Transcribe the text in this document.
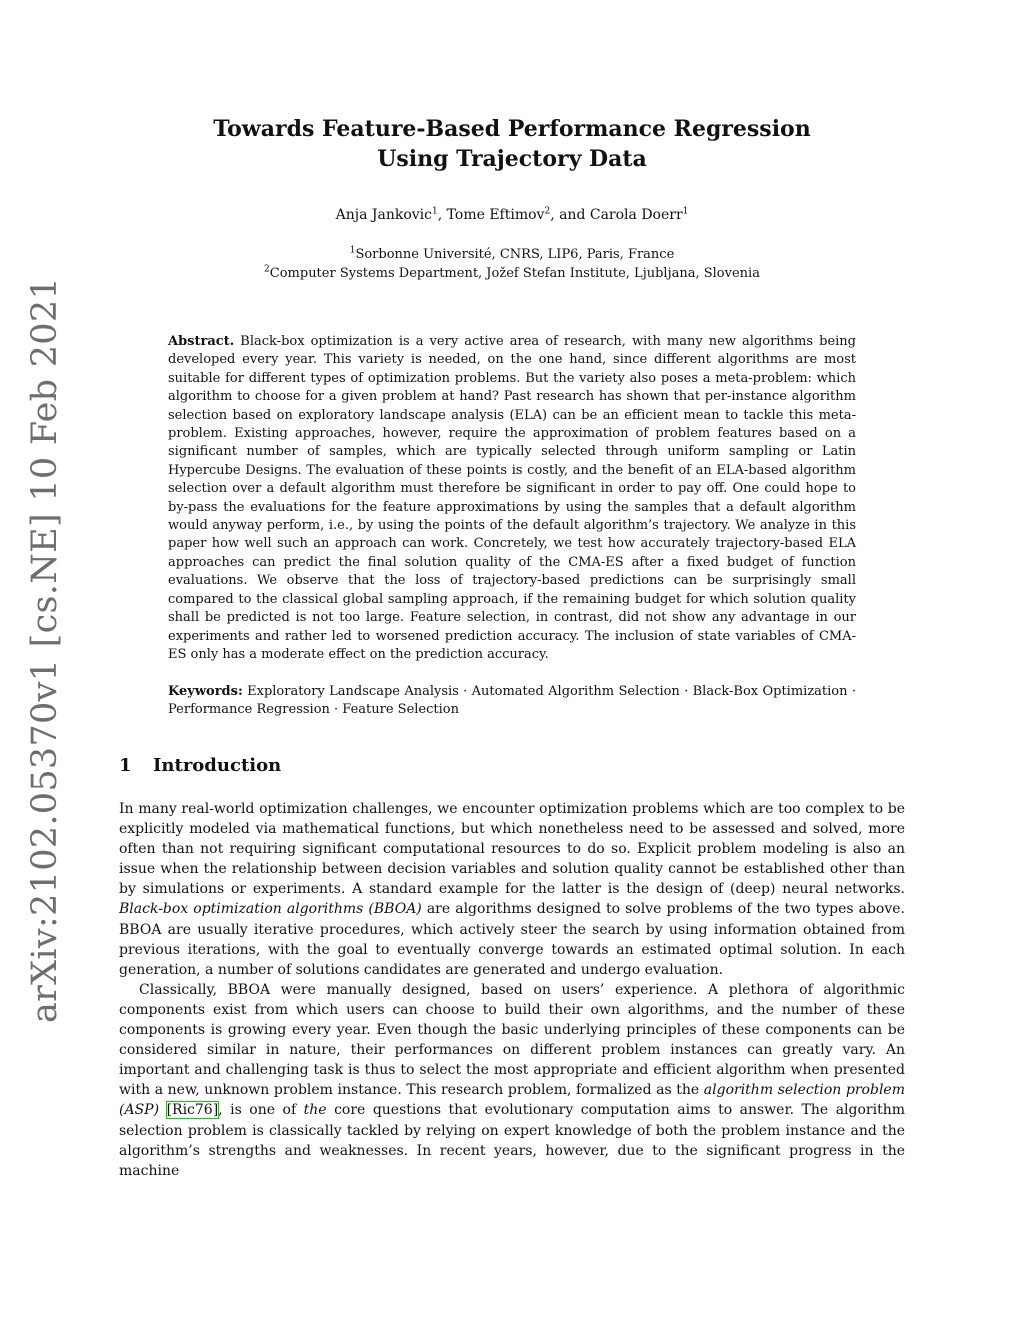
arXiv:2102.05370v1 [cs.NE] 10 Feb 2021
Towards Feature-Based Performance Regression
Using Trajectory Data
Anja Jankovic$^1$, Tome Eftimov$^2$, and Carola Doerr$^1$
$^1$Sorbonne Université, CNRS, LIP6, Paris, France
$^2$Computer Systems Department, Jožef Stefan Institute, Ljubljana, Slovenia

Abstract. Black-box optimization is a very active area of research, with many new algorithms being developed every year. This variety is needed, on the one hand, since different algorithms are most suitable for different types of optimization problems. But the variety also poses a meta-problem: which algorithm to choose for a given problem at hand? Past research has shown that per-instance algorithm selection based on exploratory landscape analysis (ELA) can be an efficient mean to tackle this meta-problem. Existing approaches, however, require the approximation of problem features based on a significant number of samples, which are typically selected through uniform sampling or Latin Hypercube Designs. The evaluation of these points is costly, and the benefit of an ELA-based algorithm selection over a default algorithm must therefore be significant in order to pay off. One could hope to by-pass the evaluations for the feature approximations by using the samples that a default algorithm would anyway perform, i.e., by using the points of the default algorithm’s trajectory. We analyze in this paper how well such an approach can work. Concretely, we test how accurately trajectory-based ELA approaches can predict the final solution quality of the CMA-ES after a fixed budget of function evaluations. We observe that the loss of trajectory-based predictions can be surprisingly small compared to the classical global sampling approach, if the remaining budget for which solution quality shall be predicted is not too large. Feature selection, in contrast, did not show any advantage in our experiments and rather led to worsened prediction accuracy. The inclusion of state variables of CMA-ES only has a moderate effect on the prediction accuracy.

Keywords: Exploratory Landscape Analysis · Automated Algorithm Selection · Black-Box Optimization · Performance Regression · Feature Selection

1 Introduction

In many real-world optimization challenges, we encounter optimization problems which are too complex to be explicitly modeled via mathematical functions, but which nonetheless need to be assessed and solved, more often than not requiring significant computational resources to do so. Explicit problem modeling is also an issue when the relationship between decision variables and solution quality cannot be established other than by simulations or experiments. A standard example for the latter is the design of (deep) neural networks. Black-box optimization algorithms (BBOA) are algorithms designed to solve problems of the two types above. BBOA are usually iterative procedures, which actively steer the search by using information obtained from previous iterations, with the goal to eventually converge towards an estimated optimal solution. In each generation, a number of solutions candidates are generated and undergo evaluation.

Classically, BBOA were manually designed, based on users’ experience. A plethora of algorithmic components exist from which users can choose to build their own algorithms, and the number of these components is growing every year. Even though the basic underlying principles of these components can be considered similar in nature, their performances on different problem instances can greatly vary. An important and challenging task is thus to select the most appropriate and efficient algorithm when presented with a new, unknown problem instance. This research problem, formalized as the algorithm selection problem (ASP) [Ric76], is one of the core questions that evolutionary computation aims to answer. The algorithm selection problem is classically tackled by relying on expert knowledge of both the problem instance and the algorithm’s strengths and weaknesses. In recent years, however, due to the significant progress in the machine
